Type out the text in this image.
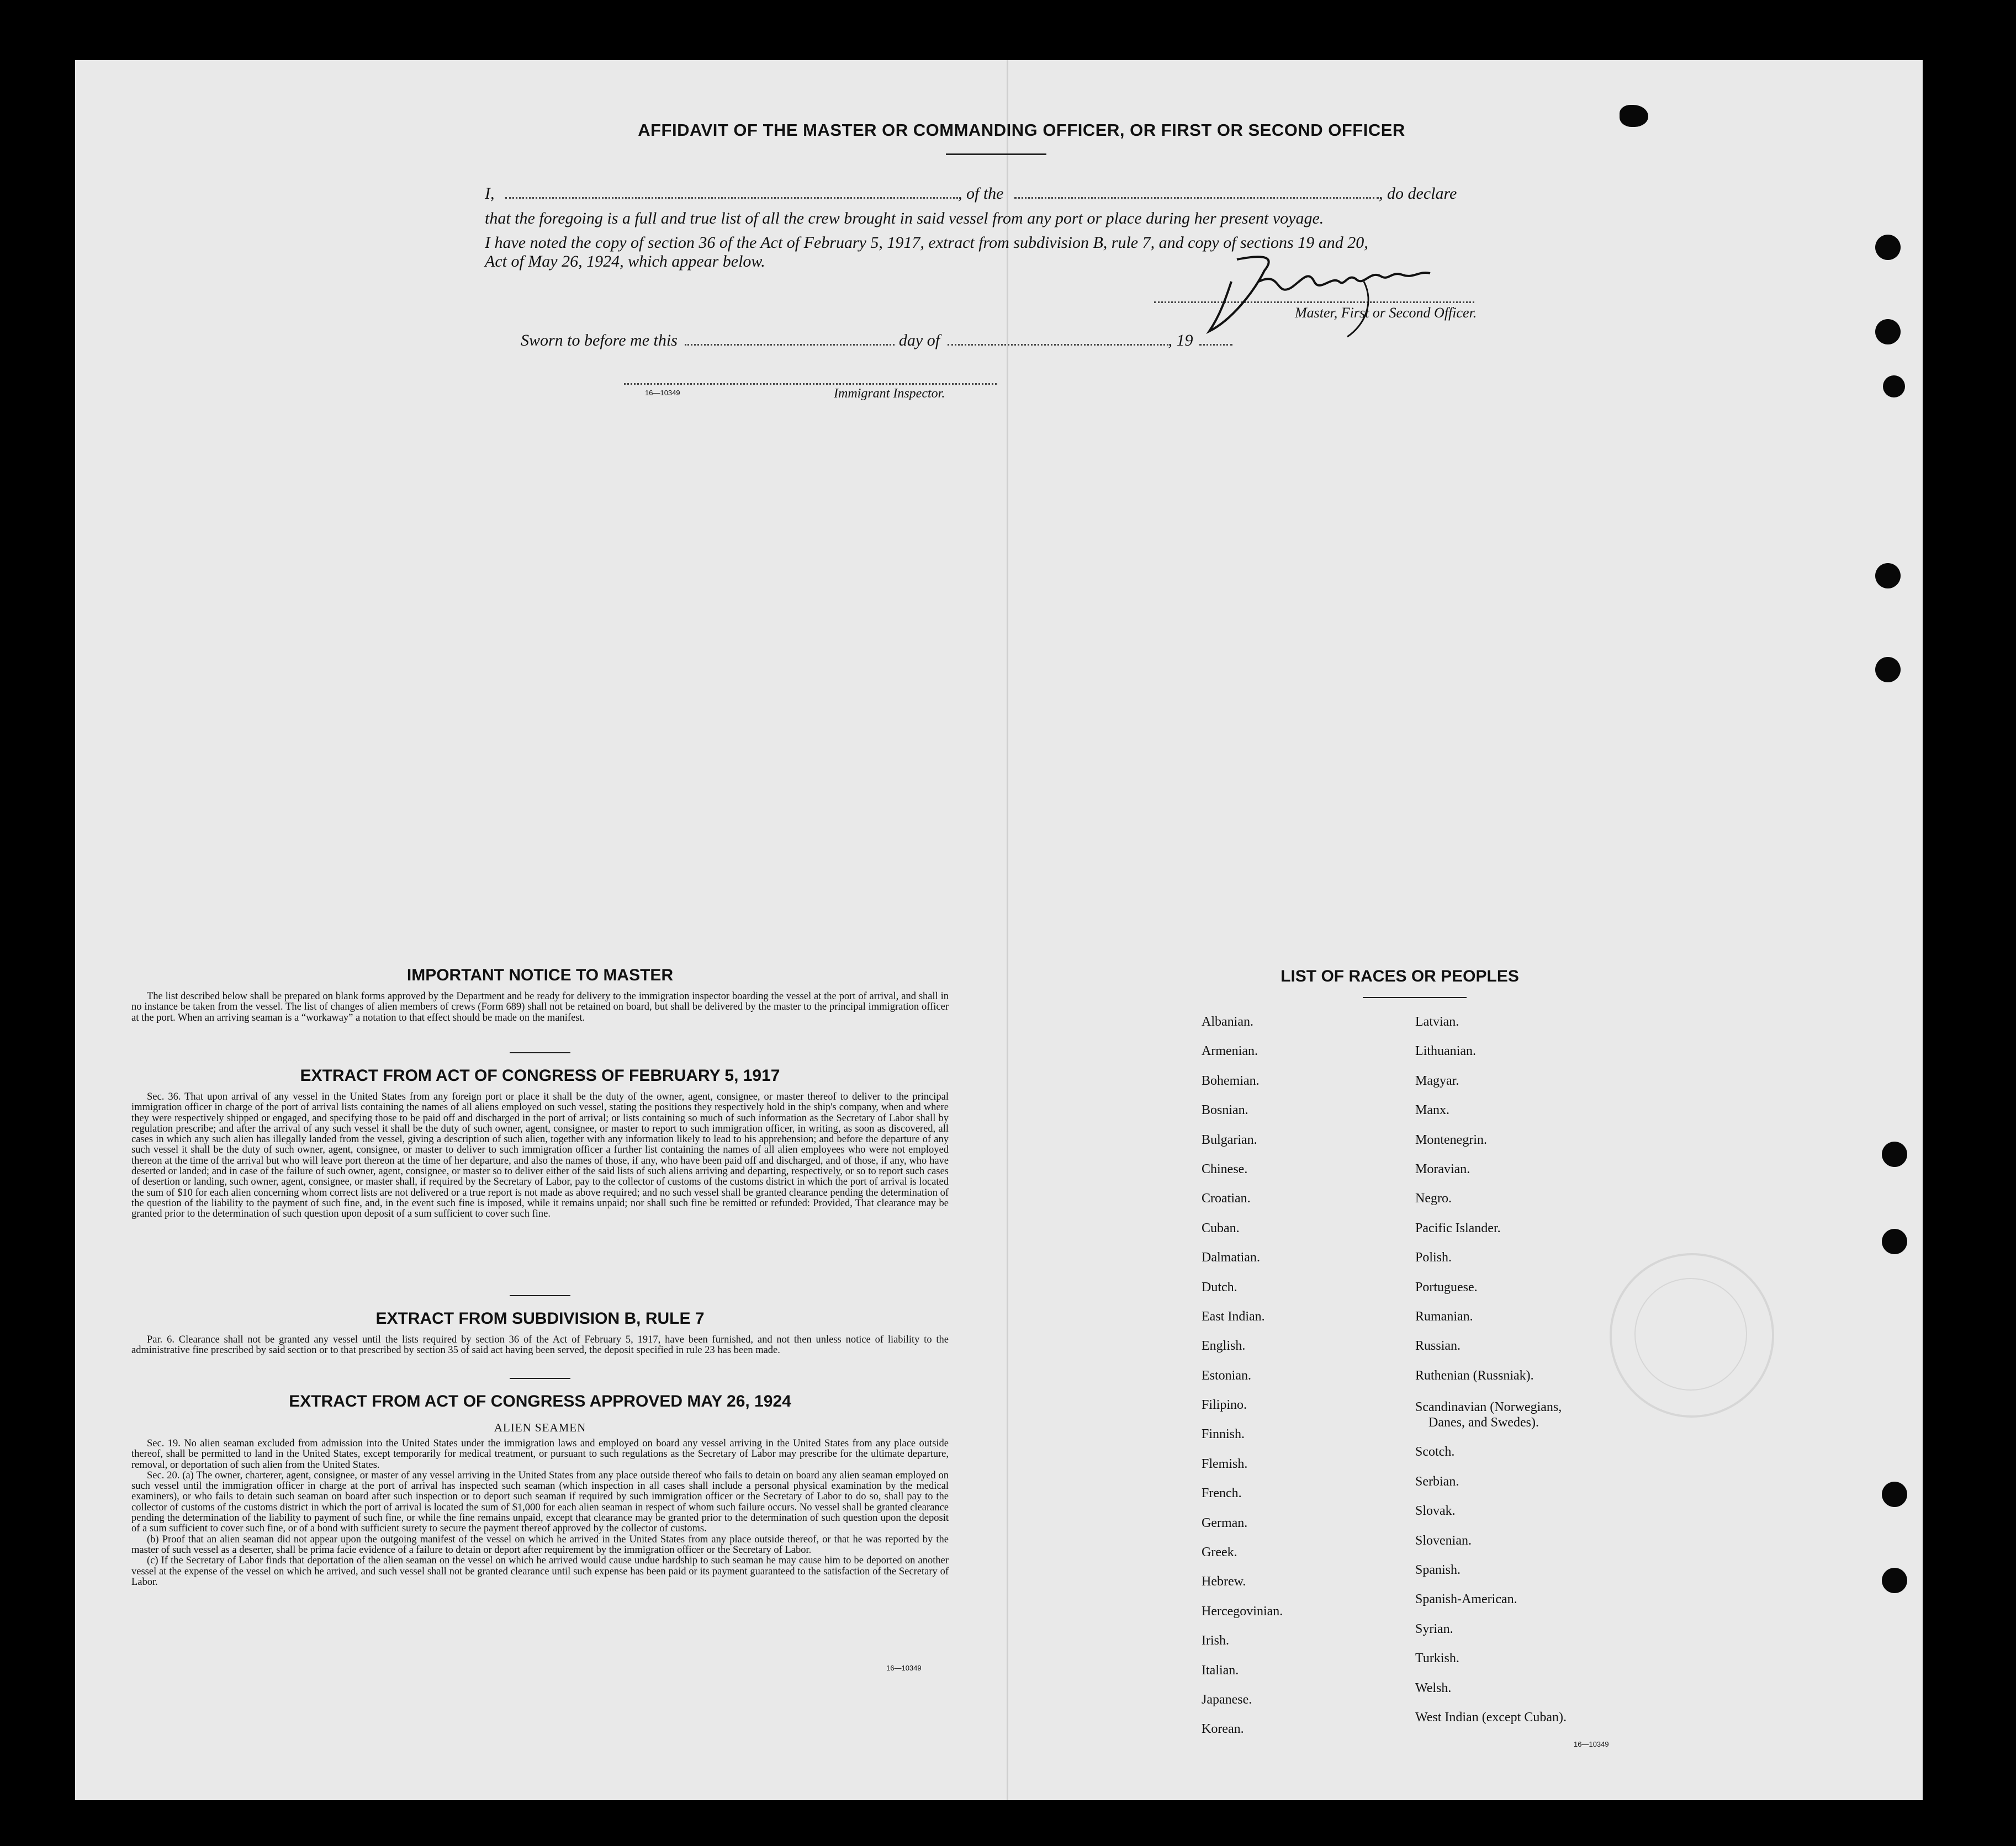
AFFIDAVIT OF THE MASTER OR COMMANDING OFFICER, OR FIRST OR SECOND OFFICER
I,	, of the	, do declare
that the foregoing is a full and true list of all the crew brought in said vessel from any port or place during her present voyage.
I have noted the copy of section 36 of the Act of February 5, 1917, extract from subdivision B, rule 7, and copy of sections 19 and 20,
Act of May 26, 1924, which appear below.
Master, First or Second Officer.
Sworn to before me this	day of	, 19
16—10349	Immigrant Inspector.
IMPORTANT NOTICE TO MASTER

The list described below shall be prepared on blank forms approved by the Department and be ready for delivery to the immigration inspector boarding the vessel at the port of arrival, and shall in no instance be taken from the vessel. The list of changes of alien members of crews (Form 689) shall not be retained on board, but shall be delivered by the master to the principal immigration officer at the port. When an arriving seaman is a “workaway” a notation to that effect should be made on the manifest.

EXTRACT FROM ACT OF CONGRESS OF FEBRUARY 5, 1917

Sec. 36. That upon arrival of any vessel in the United States from any foreign port or place it shall be the duty of the owner, agent, consignee, or master thereof to deliver to the principal immigration officer in charge of the port of arrival lists containing the names of all aliens employed on such vessel, stating the positions they respectively hold in the ship's company, when and where they were respectively shipped or engaged, and specifying those to be paid off and discharged in the port of arrival; or lists containing so much of such information as the Secretary of Labor shall by regulation prescribe; and after the arrival of any such vessel it shall be the duty of such owner, agent, consignee, or master to report to such immigration officer, in writing, as soon as discovered, all cases in which any such alien has illegally landed from the vessel, giving a description of such alien, together with any information likely to lead to his apprehension; and before the departure of any such vessel it shall be the duty of such owner, agent, consignee, or master to deliver to such immigration officer a further list containing the names of all alien employees who were not employed thereon at the time of the arrival but who will leave port thereon at the time of her departure, and also the names of those, if any, who have been paid off and discharged, and of those, if any, who have deserted or landed; and in case of the failure of such owner, agent, consignee, or master so to deliver either of the said lists of such aliens arriving and departing, respectively, or so to report such cases of desertion or landing, such owner, agent, consignee, or master shall, if required by the Secretary of Labor, pay to the collector of customs of the customs district in which the port of arrival is located the sum of $10 for each alien concerning whom correct lists are not delivered or a true report is not made as above required; and no such vessel shall be granted clearance pending the determination of the question of the liability to the payment of such fine, and, in the event such fine is imposed, while it remains unpaid; nor shall such fine be remitted or refunded: Provided, That clearance may be granted prior to the determination of such question upon deposit of a sum sufficient to cover such fine.

EXTRACT FROM SUBDIVISION B, RULE 7

Par. 6. Clearance shall not be granted any vessel until the lists required by section 36 of the Act of February 5, 1917, have been furnished, and not then unless notice of liability to the administrative fine prescribed by said section or to that prescribed by section 35 of said act having been served, the deposit specified in rule 23 has been made.

EXTRACT FROM ACT OF CONGRESS APPROVED MAY 26, 1924
ALIEN SEAMEN

Sec. 19. No alien seaman excluded from admission into the United States under the immigration laws and employed on board any vessel arriving in the United States from any place outside thereof, shall be permitted to land in the United States, except temporarily for medical treatment, or pursuant to such regulations as the Secretary of Labor may prescribe for the ultimate departure, removal, or deportation of such alien from the United States.

Sec. 20. (a) The owner, charterer, agent, consignee, or master of any vessel arriving in the United States from any place outside thereof who fails to detain on board any alien seaman employed on such vessel until the immigration officer in charge at the port of arrival has inspected such seaman (which inspection in all cases shall include a personal physical examination by the medical examiners), or who fails to detain such seaman on board after such inspection or to deport such seaman if required by such immigration officer or the Secretary of Labor to do so, shall pay to the collector of customs of the customs district in which the port of arrival is located the sum of $1,000 for each alien seaman in respect of whom such failure occurs. No vessel shall be granted clearance pending the determination of the liability to payment of such fine, or while the fine remains unpaid, except that clearance may be granted prior to the determination of such question upon the deposit of a sum sufficient to cover such fine, or of a bond with sufficient surety to secure the payment thereof approved by the collector of customs.

(b) Proof that an alien seaman did not appear upon the outgoing manifest of the vessel on which he arrived in the United States from any place outside thereof, or that he was reported by the master of such vessel as a deserter, shall be prima facie evidence of a failure to detain or deport after requirement by the immigration officer or the Secretary of Labor.

(c) If the Secretary of Labor finds that deportation of the alien seaman on the vessel on which he arrived would cause undue hardship to such seaman he may cause him to be deported on another vessel at the expense of the vessel on which he arrived, and such vessel shall not be granted clearance until such expense has been paid or its payment guaranteed to the satisfaction of the Secretary of Labor.

16—10349
LIST OF RACES OR PEOPLES
Albanian.
Armenian.
Bohemian.
Bosnian.
Bulgarian.
Chinese.
Croatian.
Cuban.
Dalmatian.
Dutch.
East Indian.
English.
Estonian.
Filipino.
Finnish.
Flemish.
French.
German.
Greek.
Hebrew.
Hercegovinian.
Irish.
Italian.
Japanese.
Korean.
Latvian.
Lithuanian.
Magyar.
Manx.
Montenegrin.
Moravian.
Negro.
Pacific Islander.
Polish.
Portuguese.
Rumanian.
Russian.
Ruthenian (Russniak).
Scandinavian (Norwegians,
Danes, and Swedes).
Scotch.
Serbian.
Slovak.
Slovenian.
Spanish.
Spanish-American.
Syrian.
Turkish.
Welsh.
West Indian (except Cuban).
16—10349
